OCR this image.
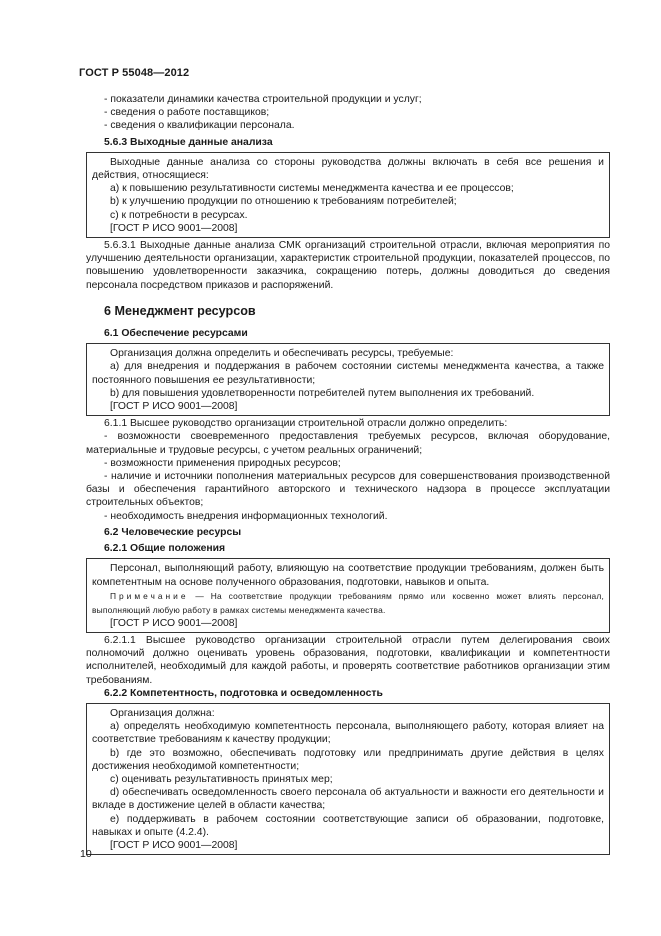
ГОСТ Р 55048—2012

- показатели динамики качества строительной продукции и услуг;

- сведения о работе поставщиков;

- сведения о квалификации персонала.

5.6.3 Выходные данные анализа

Выходные данные анализа со стороны руководства должны включать в себя все решения и действия, относящиеся:

a) к повышению результативности системы менеджмента качества и ее процессов;

b) к улучшению продукции по отношению к требованиям потребителей;

c) к потребности в ресурсах.

[ГОСТ Р ИСО 9001—2008]

5.6.3.1 Выходные данные анализа СМК организаций строительной отрасли, включая мероприятия по улучшению деятельности организации, характеристик строительной продукции, показателей процессов, по повышению удовлетворенности заказчика, сокращению потерь, должны доводиться до сведения персонала посредством приказов и распоряжений.

6 Менеджмент ресурсов

6.1 Обеспечение ресурсами

Организация должна определить и обеспечивать ресурсы, требуемые:

a) для внедрения и поддержания в рабочем состоянии системы менеджмента качества, а также постоянного повышения ее результативности;

b) для повышения удовлетворенности потребителей путем выполнения их требований.

[ГОСТ Р ИСО 9001—2008]

6.1.1 Высшее руководство организации строительной отрасли должно определить:

- возможности своевременного предоставления требуемых ресурсов, включая оборудование, материальные и трудовые ресурсы, с учетом реальных ограничений;

- возможности применения природных ресурсов;

- наличие и источники пополнения материальных ресурсов для совершенствования производственной базы и обеспечения гарантийного авторского и технического надзора в процессе эксплуатации строительных объектов;

- необходимость внедрения информационных технологий.

6.2 Человеческие ресурсы

6.2.1 Общие положения

Персонал, выполняющий работу, влияющую на соответствие продукции требованиям, должен быть компетентным на основе полученного образования, подготовки, навыков и опыта.

Примечание — На соответствие продукции требованиям прямо или косвенно может влиять персонал, выполняющий любую работу в рамках системы менеджмента качества.

[ГОСТ Р ИСО 9001—2008]

6.2.1.1 Высшее руководство организации строительной отрасли путем делегирования своих полномочий должно оценивать уровень образования, подготовки, квалификации и компетентности исполнителей, необходимый для каждой работы, и проверять соответствие работников организации этим требованиям.

6.2.2 Компетентность, подготовка и осведомленность

Организация должна:

a) определять необходимую компетентность персонала, выполняющего работу, которая влияет на соответствие требованиям к качеству продукции;

b) где это возможно, обеспечивать подготовку или предпринимать другие действия в целях достижения необходимой компетентности;

c) оценивать результативность принятых мер;

d) обеспечивать осведомленность своего персонала об актуальности и важности его деятельности и вкладе в достижение целей в области качества;

e) поддерживать в рабочем состоянии соответствующие записи об образовании, подготовке, навыках и опыте (4.2.4).

[ГОСТ Р ИСО 9001—2008]

10
